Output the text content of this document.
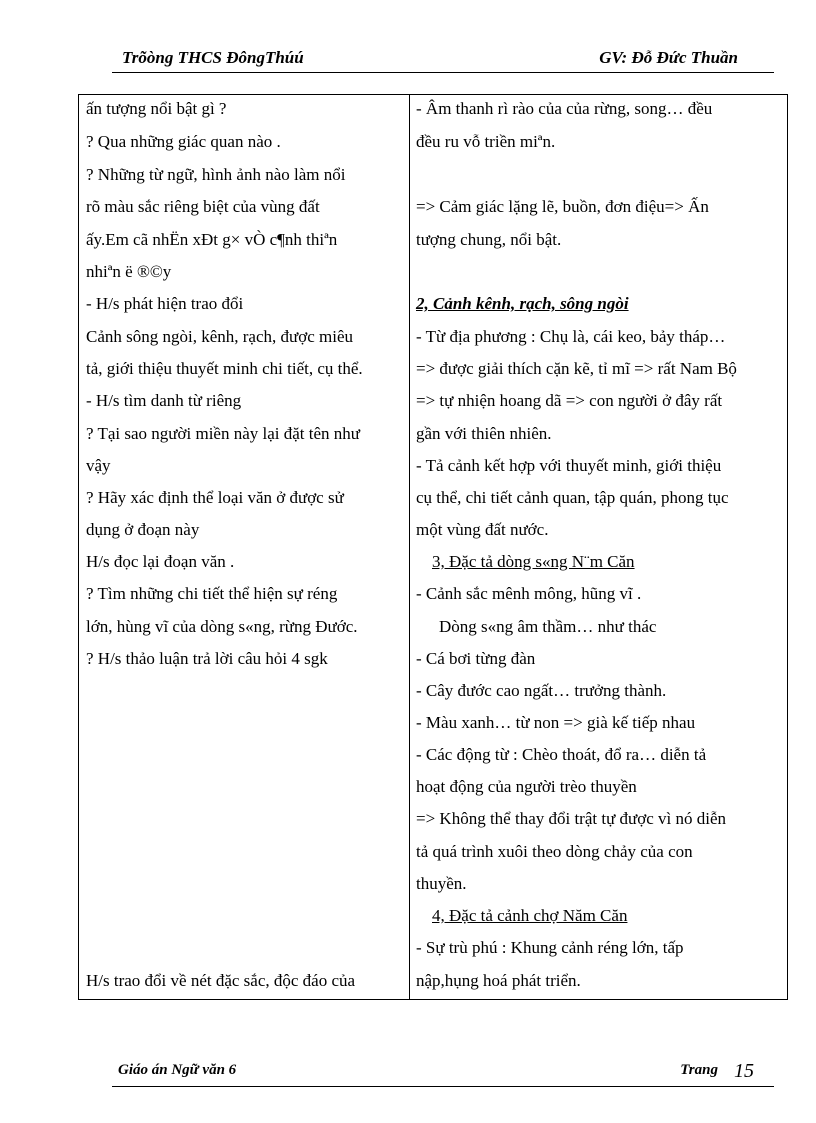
Trõòng THCS ĐôngThúú	GV: Đỗ Đức Thuần
ấn tượng nổi bật gì ?
? Qua những giác quan nào .
? Những từ ngữ, hình ảnh nào làm nổi
rõ màu sắc riêng biệt của vùng đất
ấy.Em cã nhËn xÐt g× vÒ c¶nh thiªn
nhiªn ë ®©y
- H/s phát hiện trao đổi
Cảnh sông ngòi, kênh, rạch, được miêu
tả, giới thiệu thuyết minh chi tiết, cụ thể.
- H/s tìm danh từ riêng
? Tại sao người miền này lại đặt tên như
vậy
? Hãy xác định thể loại văn ở được sử
dụng ở đoạn này
H/s đọc lại đoạn văn .
? Tìm những chi tiết thể hiện sự réng
lớn, hùng vĩ của dòng s«ng, rừng Đước.
? H/s thảo luận trả lời câu hỏi 4 sgk
H/s trao đổi về nét đặc sắc, độc đáo của
- Âm thanh rì rào của của rừng, song… đều
đều ru vỗ triền miªn.
=> Cảm giác lặng lẽ, buồn, đơn điệu=> Ấn
tượng chung, nổi bật.
2, Cảnh kênh, rạch, sông ngòi
- Từ địa phương : Chụ là, cái keo, bảy tháp…
=> được giải thích cặn kẽ, tỉ mĩ => rất Nam Bộ
=> tự nhiện hoang dã => con người ở đây rất
gần với thiên nhiên.
- Tả cảnh kết hợp với thuyết minh, giới thiệu
cụ thể, chi tiết cảnh quan, tập quán, phong tục
một vùng đất nước.
3, Đặc tả dòng s«ng N¨m Căn
- Cảnh sắc mênh mông, hũng vĩ .
Dòng s«ng âm thầm… như thác
- Cá bơi từng đàn
- Cây đước cao ngất… trưởng thành.
- Màu xanh… từ non => già kế tiếp nhau
- Các động từ : Chèo thoát, đổ ra… diễn tả
hoạt động của người trèo thuyền
=> Không thể thay đổi trật tự được vì nó diễn
tả quá trình xuôi theo dòng chảy của con
thuyền.
4, Đặc tả cảnh chợ Năm Căn
- Sự trù phú : Khung cảnh réng lớn, tấp
nập,hụng hoá phát triển.
Giáo án Ngữ văn 6	Trang 15
